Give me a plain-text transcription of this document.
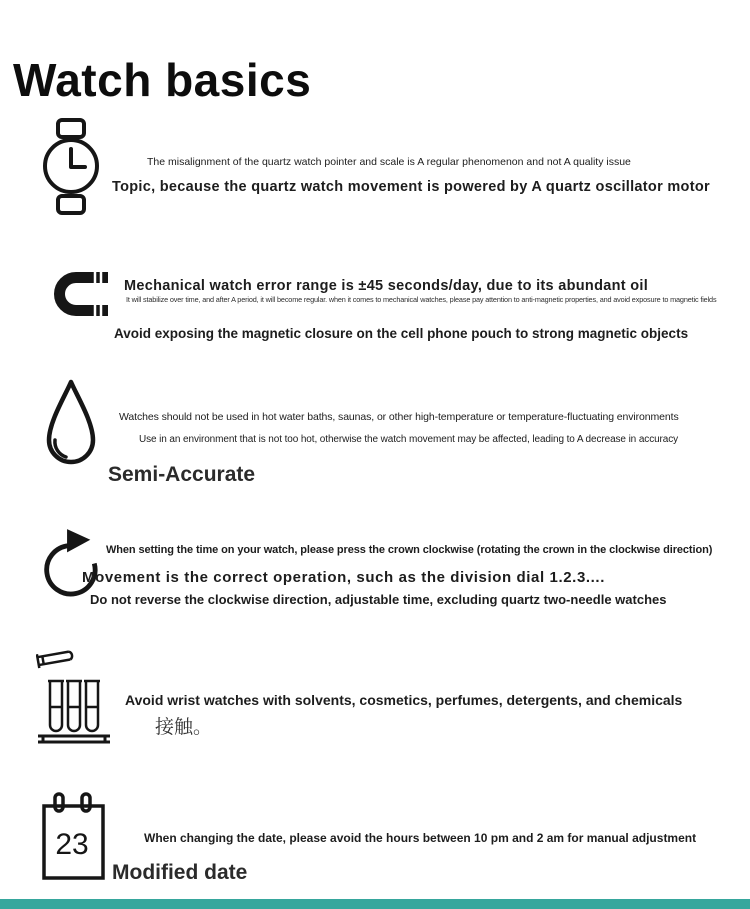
Watch basics

The misalignment of the quartz watch pointer and scale is A regular phenomenon and not A quality issue

Topic, because the quartz watch movement is powered by A quartz oscillator motor

Mechanical watch error range is ±45 seconds/day, due to its abundant oil

It will stabilize over time, and after A period, it will become regular. when it comes to mechanical watches, please pay attention to anti-magnetic properties, and avoid exposure to magnetic fields

Avoid exposing the magnetic closure on the cell phone pouch to strong magnetic objects

Watches should not be used in hot water baths, saunas, or other high-temperature or temperature-fluctuating environments

Use in an environment that is not too hot, otherwise the watch movement may be affected, leading to A decrease in accuracy

Semi-Accurate

When setting the time on your watch, please press the crown clockwise (rotating the crown in the clockwise direction)

Movement is the correct operation, such as the division dial 1.2.3....

Do not reverse the clockwise direction, adjustable time, excluding quartz two-needle watches

Avoid wrist watches with solvents, cosmetics, perfumes, detergents, and chemicals

接触。

23	When changing the date, please avoid the hours between 10 pm and 2 am for manual adjustment

Modified date
